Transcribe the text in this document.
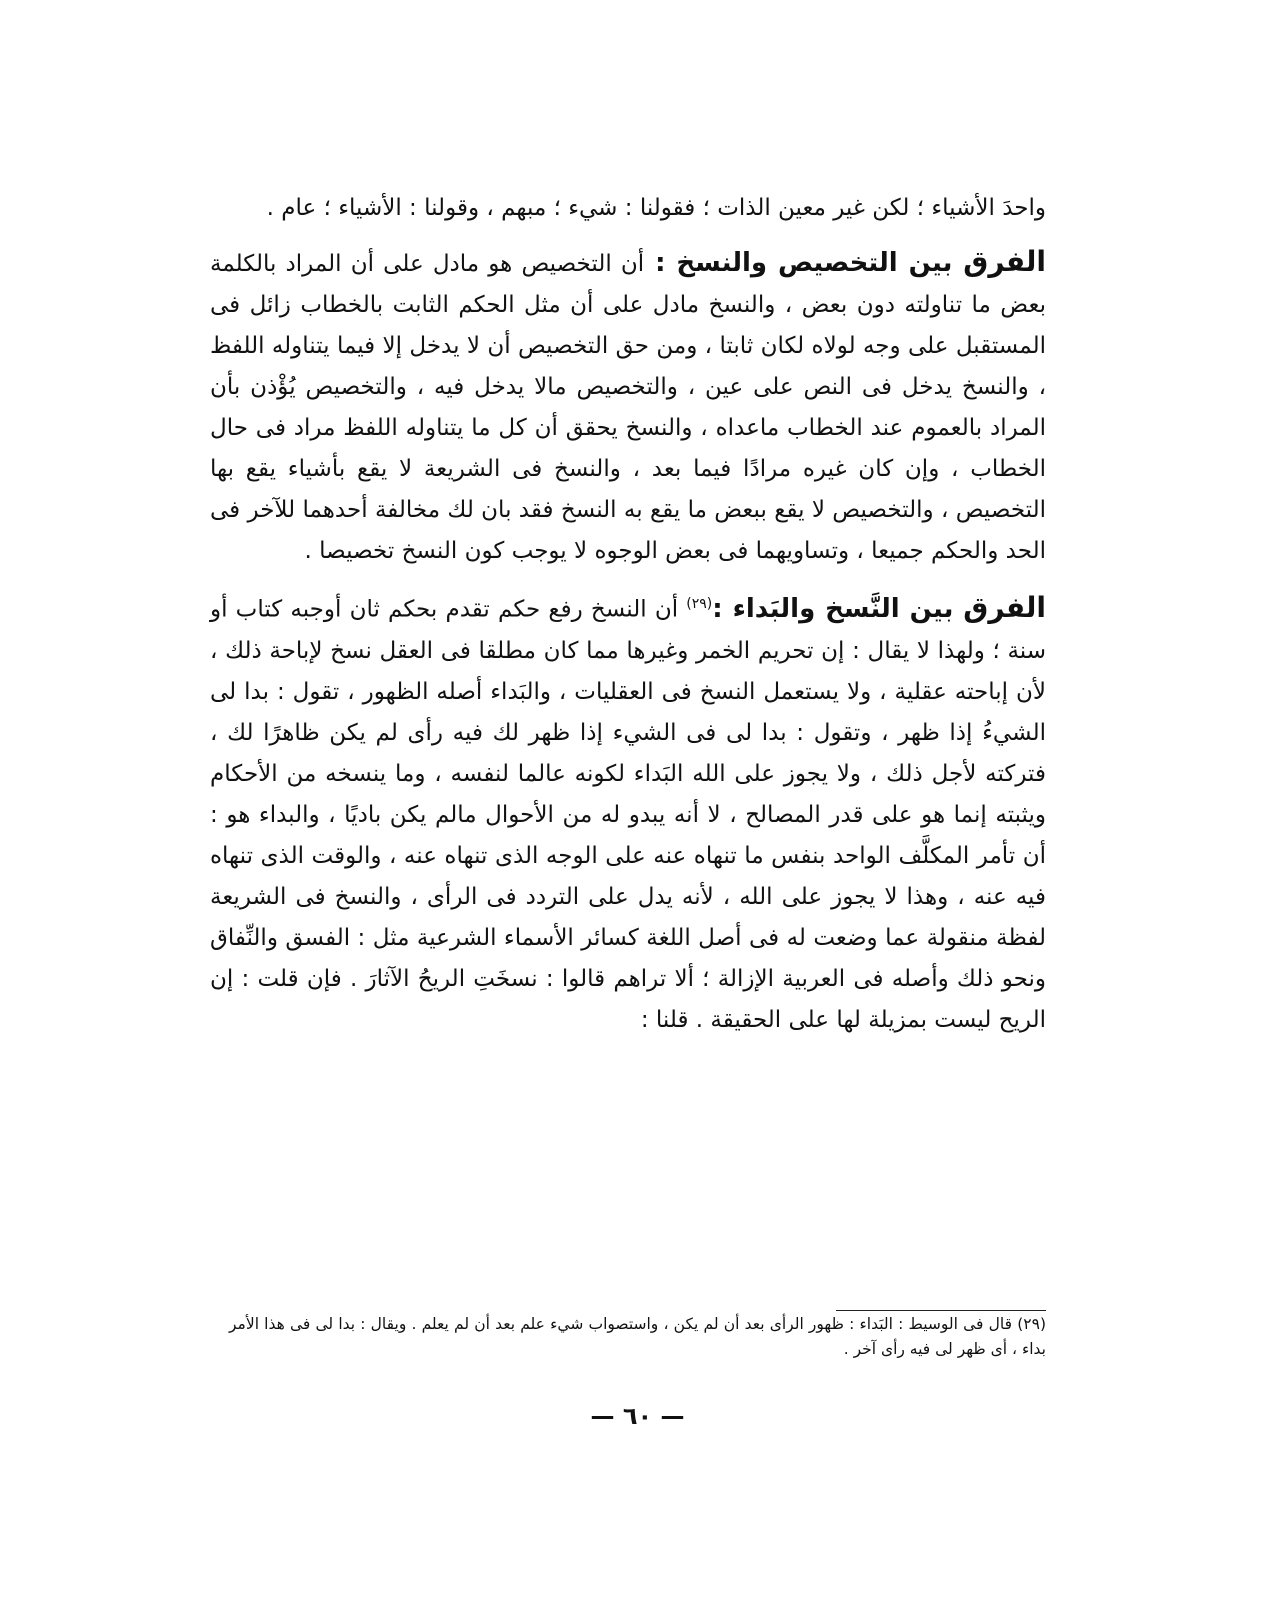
واحدَ الأشياء ؛ لكن غير معين الذات ؛ فقولنا : شيء ؛ مبهم ، وقولنا : الأشياء ؛ عام .

الفرق بين التخصيص والنسخ : أن التخصيص هو مادل على أن المراد بالكلمة بعض ما تناولته دون بعض ، والنسخ مادل على أن مثل الحكم الثابت بالخطاب زائل فى المستقبل على وجه لولاه لكان ثابتا ، ومن حق التخصيص أن لا يدخل إلا فيما يتناوله اللفظ ، والنسخ يدخل فى النص على عين ، والتخصيص مالا يدخل فيه ، والتخصيص يُؤْذن بأن المراد بالعموم عند الخطاب ماعداه ، والنسخ يحقق أن كل ما يتناوله اللفظ مراد فى حال الخطاب ، وإن كان غيره مرادًا فيما بعد ، والنسخ فى الشريعة لا يقع بأشياء يقع بها التخصيص ، والتخصيص لا يقع ببعض ما يقع به النسخ فقد بان لك مخالفة أحدهما للآخر فى الحد والحكم جميعا ، وتساويهما فى بعض الوجوه لا يوجب كون النسخ تخصيصا .

الفرق بين النَّسخ والبَداء :$^{(٢٩)}$ أن النسخ رفع حكم تقدم بحكم ثان أوجبه كتاب أو سنة ؛ ولهذا لا يقال : إن تحريم الخمر وغيرها مما كان مطلقا فى العقل نسخ لإباحة ذلك ، لأن إباحته عقلية ، ولا يستعمل النسخ فى العقليات ، والبَداء أصله الظهور ، تقول : بدا لى الشيءُ إذا ظهر ، وتقول : بدا لى فى الشيء إذا ظهر لك فيه رأى لم يكن ظاهرًا لك ، فتركته لأجل ذلك ، ولا يجوز على الله البَداء لكونه عالما لنفسه ، وما ينسخه من الأحكام ويثبته إنما هو على قدر المصالح ، لا أنه يبدو له من الأحوال مالم يكن باديًا ، والبداء هو : أن تأمر المكلَّف الواحد بنفس ما تنهاه عنه على الوجه الذى تنهاه عنه ، والوقت الذى تنهاه فيه عنه ، وهذا لا يجوز على الله ، لأنه يدل على التردد فى الرأى ، والنسخ فى الشريعة لفظة منقولة عما وضعت له فى أصل اللغة كسائر الأسماء الشرعية مثل : الفسق والنِّفاق ونحو ذلك وأصله فى العربية الإزالة ؛ ألا تراهم قالوا : نسخَتِ الريحُ الآثارَ . فإن قلت : إن الريح ليست بمزيلة لها على الحقيقة . قلنا :

(٢٩) قال فى الوسيط : البَداء : ظهور الرأى بعد أن لم يكن ، واستصواب شيء علم بعد أن لم يعلم . ويقال : بدا لى فى هذا الأمر بداء ، أى ظهر لى فيه رأى آخر .
— ٦٠ —
